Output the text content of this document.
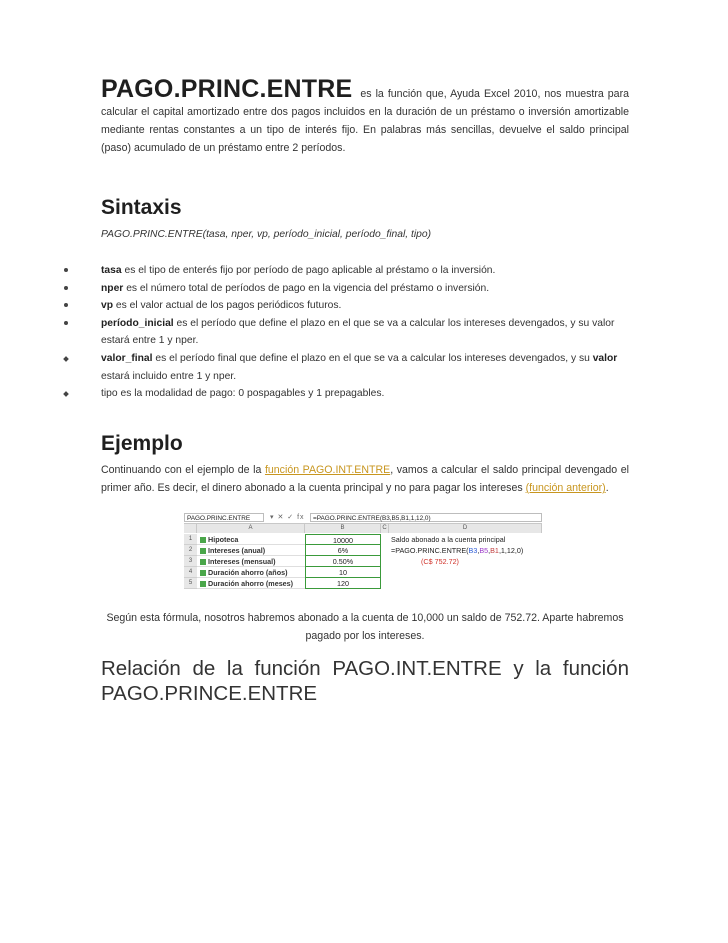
PAGO.PRINC.ENTRE es la función que, Ayuda Excel 2010, nos muestra para calcular el capital amortizado entre dos pagos incluidos en la duración de un préstamo o inversión amortizable mediante rentas constantes a un tipo de interés fijo. En palabras más sencillas, devuelve el saldo principal (paso) acumulado de un préstamo entre 2 períodos.
Sintaxis
PAGO.PRINC.ENTRE(tasa, nper, vp, período_inicial, período_final, tipo)
tasa es el tipo de enterés fijo por período de pago aplicable al préstamo o la inversión.
nper es el número total de períodos de pago en la vigencia del préstamo o inversión.
vp es el valor actual de los pagos periódicos futuros.
período_inicial es el período que define el plazo en el que se va a calcular los intereses devengados, y su valor estará entre 1 y nper.
valor_final es el período final que define el plazo en el que se va a calcular los intereses devengados, y su valor estará incluido entre 1 y nper.
tipo es la modalidad de pago: 0 pospagables y 1 prepagables.
Ejemplo
Continuando con el ejemplo de la función PAGO.INT.ENTRE, vamos a calcular el saldo principal devengado el primer año. Es decir, el dinero abonado a la cuenta principal y no para pagar los intereses (función anterior).
PAGO.PRINC.ENTRE	▾ ✕ ✓ fx	=PAGO.PRINC.ENTRE(B3,B5,B1,1,12,0)
A	B	C	D
1	Hipoteca	10000	Saldo abonado a la cuenta principal
2	Intereses (anual)	6%	=PAGO.PRINC.ENTRE(B3,B5,B1,1,12,0)
3	Intereses (mensual)	0.50%	(C$ 752.72)
4	Duración ahorro (años)	10
5	Duración ahorro (meses)	120
Según esta fórmula, nosotros habremos abonado a la cuenta de 10,000 un saldo de 752.72. Aparte habremos pagado por los intereses.
Relación de la función PAGO.INT.ENTRE y la función PAGO.PRINCE.ENTRE
